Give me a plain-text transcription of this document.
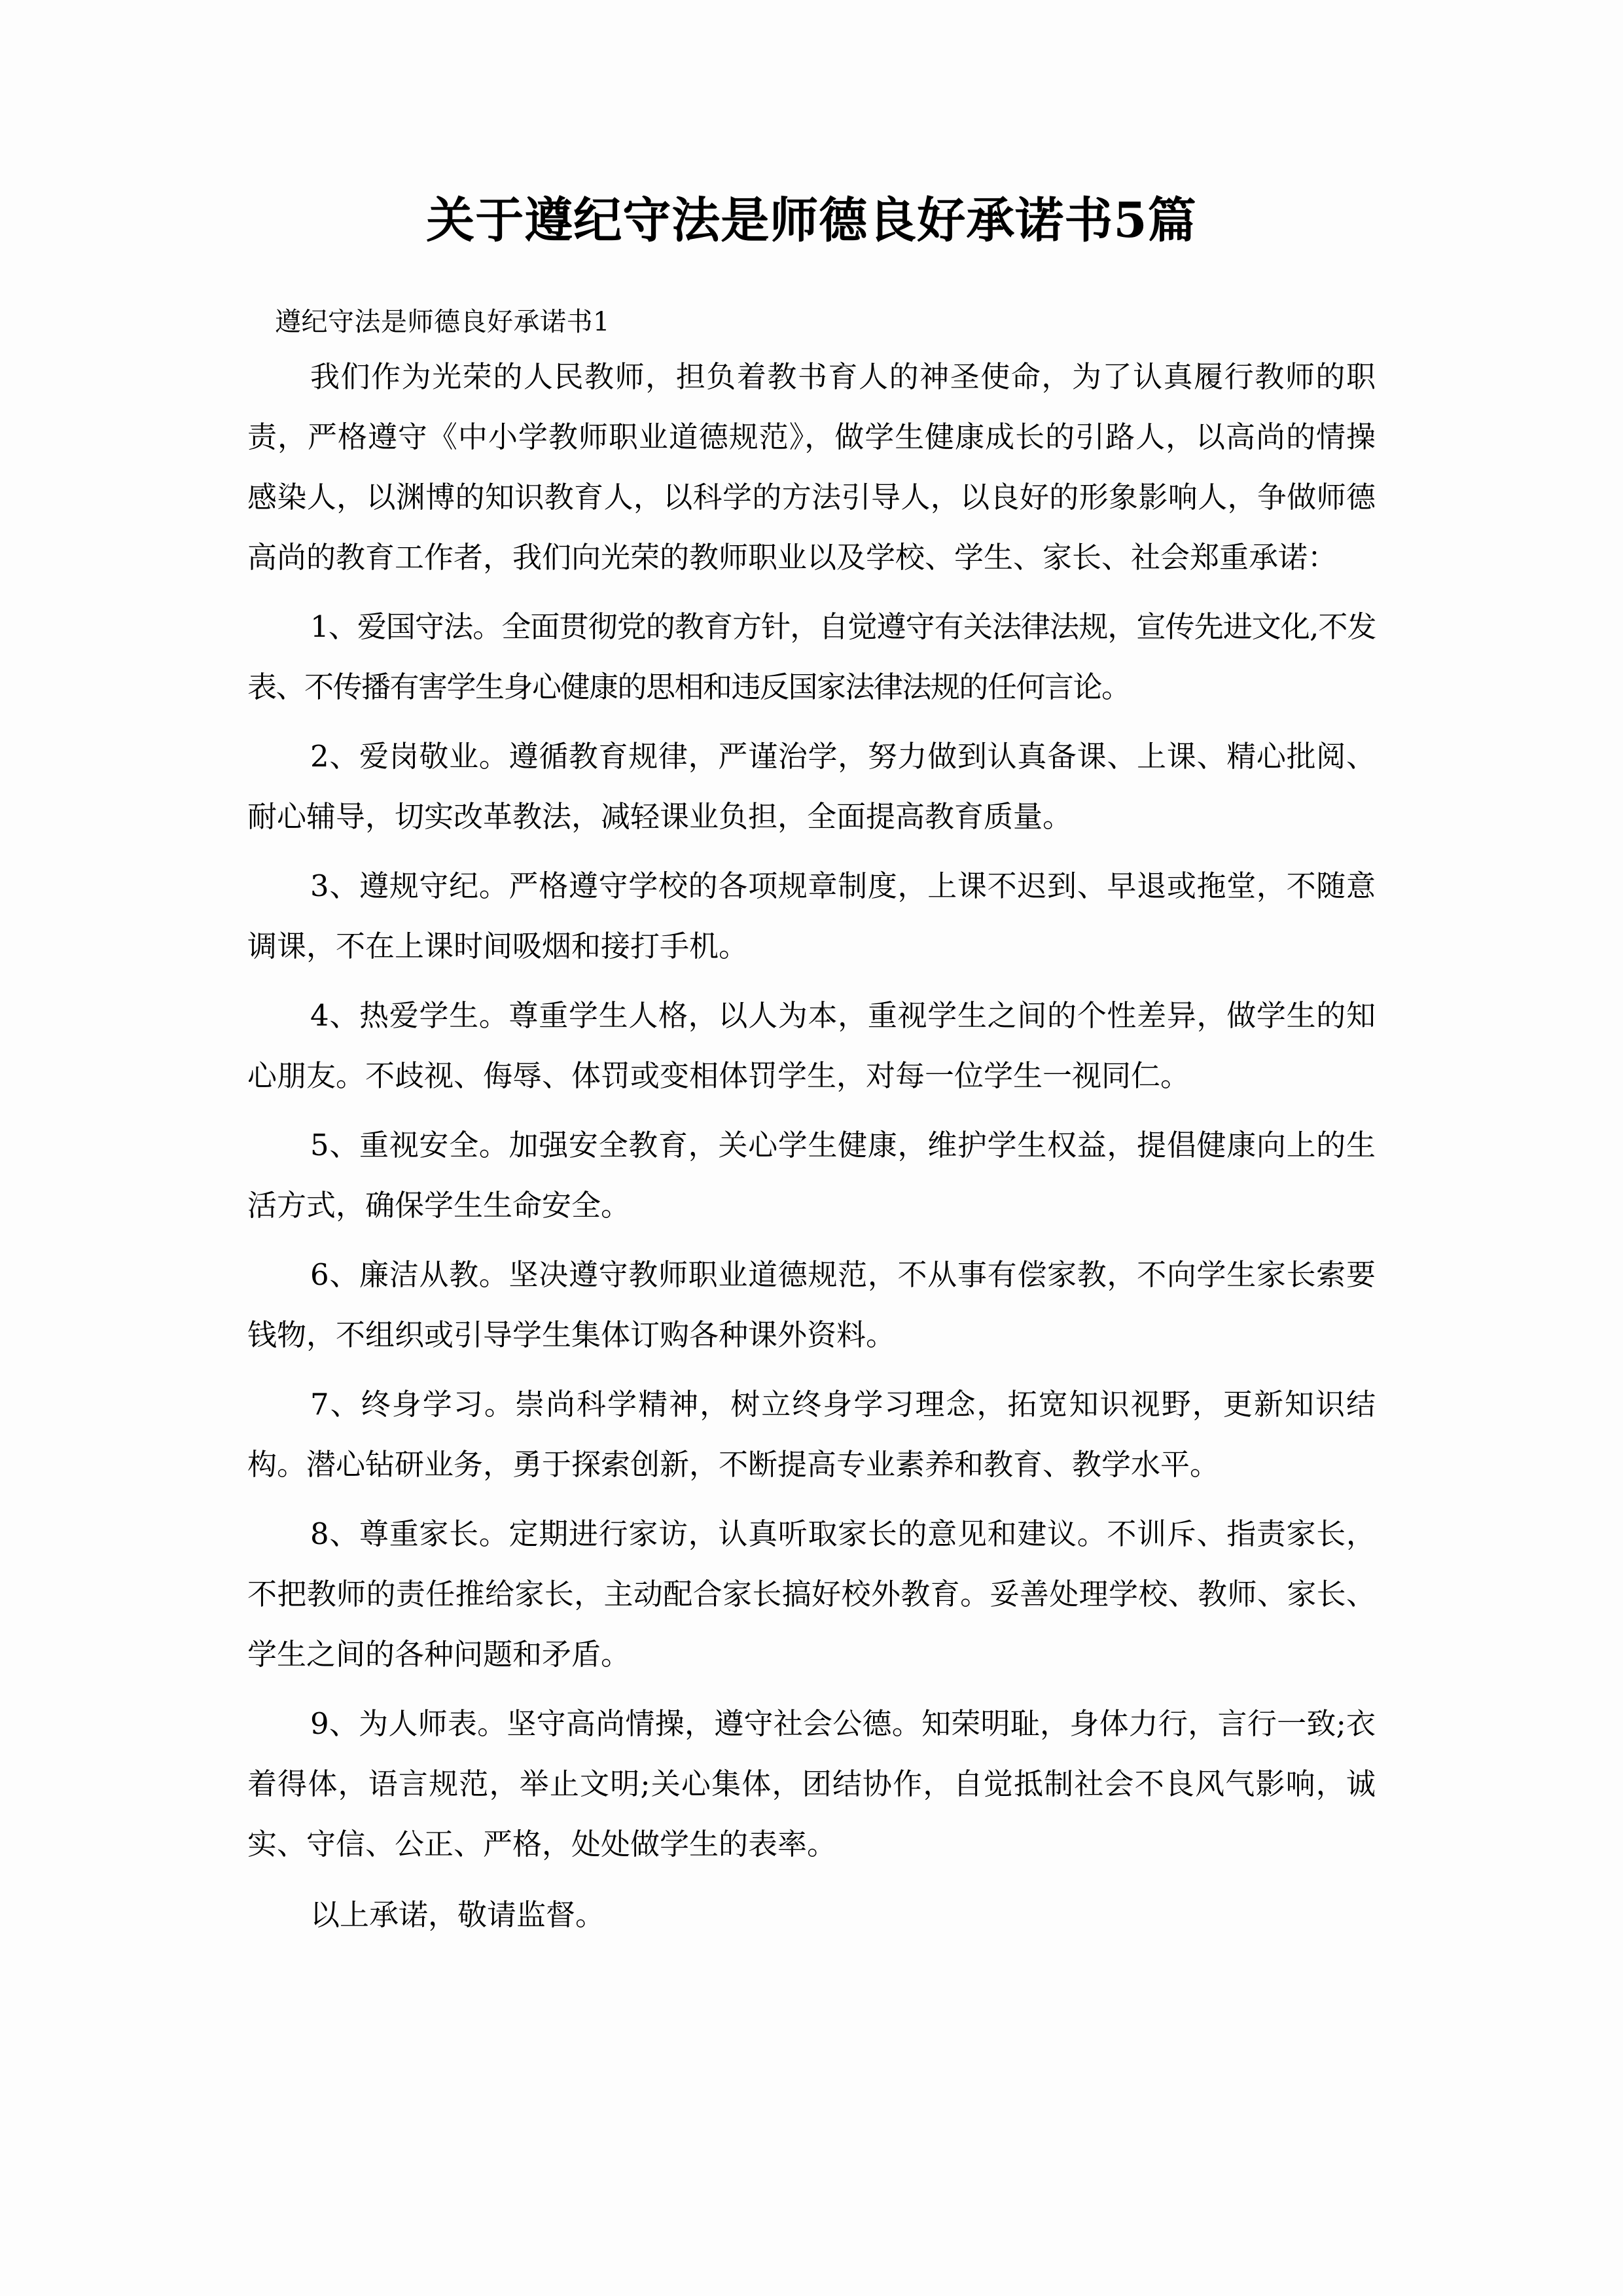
关于遵纪守法是师德良好承诺书5篇
遵纪守法是师德良好承诺书1

我们作为光荣的人民教师，担负着教书育人的神圣使命，为了认真履行教师的职责，严格遵守《中小学教师职业道德规范》，做学生健康成长的引路人，以高尚的情操感染人，以渊博的知识教育人，以科学的方法引导人，以良好的形象影响人，争做师德高尚的教育工作者，我们向光荣的教师职业以及学校、学生、家长、社会郑重承诺：

1、爱国守法。全面贯彻党的教育方针，自觉遵守有关法律法规，宣传先进文化,不发表、不传播有害学生身心健康的思相和违反国家法律法规的任何言论。

2、爱岗敬业。遵循教育规律，严谨治学，努力做到认真备课、上课、精心批阅、耐心辅导，切实改革教法，减轻课业负担，全面提高教育质量。

3、遵规守纪。严格遵守学校的各项规章制度，上课不迟到、早退或拖堂，不随意调课，不在上课时间吸烟和接打手机。

4、热爱学生。尊重学生人格，以人为本，重视学生之间的个性差异，做学生的知心朋友。不歧视、侮辱、体罚或变相体罚学生，对每一位学生一视同仁。

5、重视安全。加强安全教育，关心学生健康，维护学生权益，提倡健康向上的生活方式，确保学生生命安全。

6、廉洁从教。坚决遵守教师职业道德规范，不从事有偿家教，不向学生家长索要钱物，不组织或引导学生集体订购各种课外资料。

7、终身学习。崇尚科学精神，树立终身学习理念，拓宽知识视野，更新知识结构。潜心钻研业务，勇于探索创新，不断提高专业素养和教育、教学水平。

8、尊重家长。定期进行家访，认真听取家长的意见和建议。不训斥、指责家长，不把教师的责任推给家长，主动配合家长搞好校外教育。妥善处理学校、教师、家长、学生之间的各种问题和矛盾。

9、为人师表。坚守高尚情操，遵守社会公德。知荣明耻，身体力行，言行一致;衣着得体，语言规范，举止文明;关心集体，团结协作，自觉抵制社会不良风气影响，诚实、守信、公正、严格，处处做学生的表率。

以上承诺，敬请监督。
